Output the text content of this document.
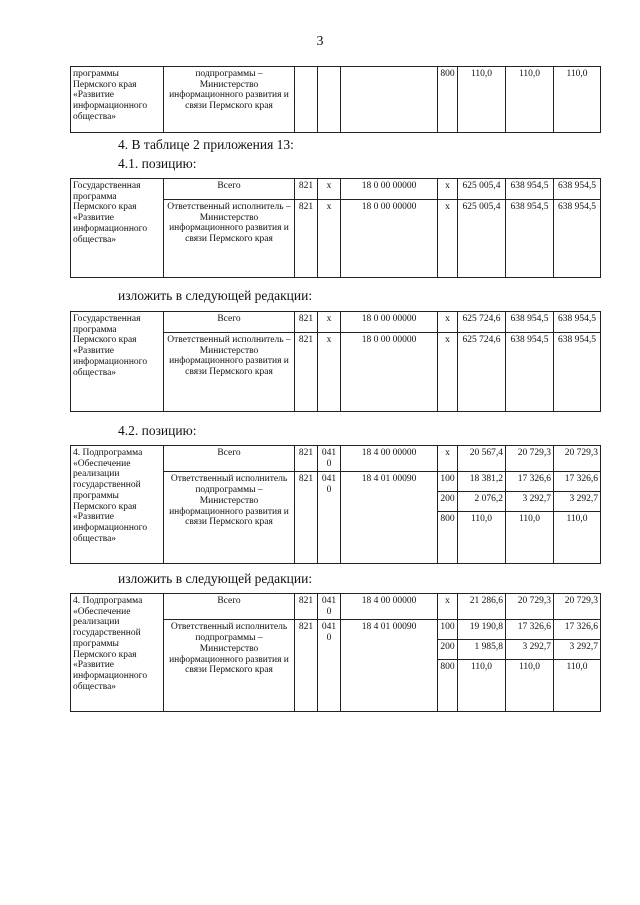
3
программы Пермского края «Развитие информационного общества»	подпрограммы – Министерство информационного развития и связи Пермского края				800	110,0	110,0	110,0
4. В таблице 2 приложения 13:
4.1. позицию:
Государственная программа Пермского края «Развитие информационного общества»	Всего	821	x	18 0 00 00000	x	625 005,4	638 954,5	638 954,5
	Ответственный исполнитель – Министерство информационного развития и связи Пермского края	821	x	18 0 00 00000	x	625 005,4	638 954,5	638 954,5
изложить в следующей редакции:
Государственная программа Пермского края «Развитие информационного общества»	Всего	821	x	18 0 00 00000	x	625 724,6	638 954,5	638 954,5
	Ответственный исполнитель – Министерство информационного развития и связи Пермского края	821	x	18 0 00 00000	x	625 724,6	638 954,5	638 954,5
4.2. позицию:
4. Подпрограмма «Обеспечение реализации государственной программы Пермского края «Развитие информационного общества»	Всего	821	0410	18 4 00 00000	x	20 567,4	20 729,3	20 729,3
	Ответственный исполнитель подпрограммы – Министерство информационного развития и связи Пермского края	821	0410	18 4 01 00090	100	18 381,2	17 326,6	17 326,6
					200	2 076,2	3 292,7	3 292,7
					800	110,0	110,0	110,0
изложить в следующей редакции:
4. Подпрограмма «Обеспечение реализации государственной программы Пермского края «Развитие информационного общества»	Всего	821	0410	18 4 00 00000	x	21 286,6	20 729,3	20 729,3
	Ответственный исполнитель подпрограммы – Министерство информационного развития и связи Пермского края	821	0410	18 4 01 00090	100	19 190,8	17 326,6	17 326,6
					200	1 985,8	3 292,7	3 292,7
					800	110,0	110,0	110,0
